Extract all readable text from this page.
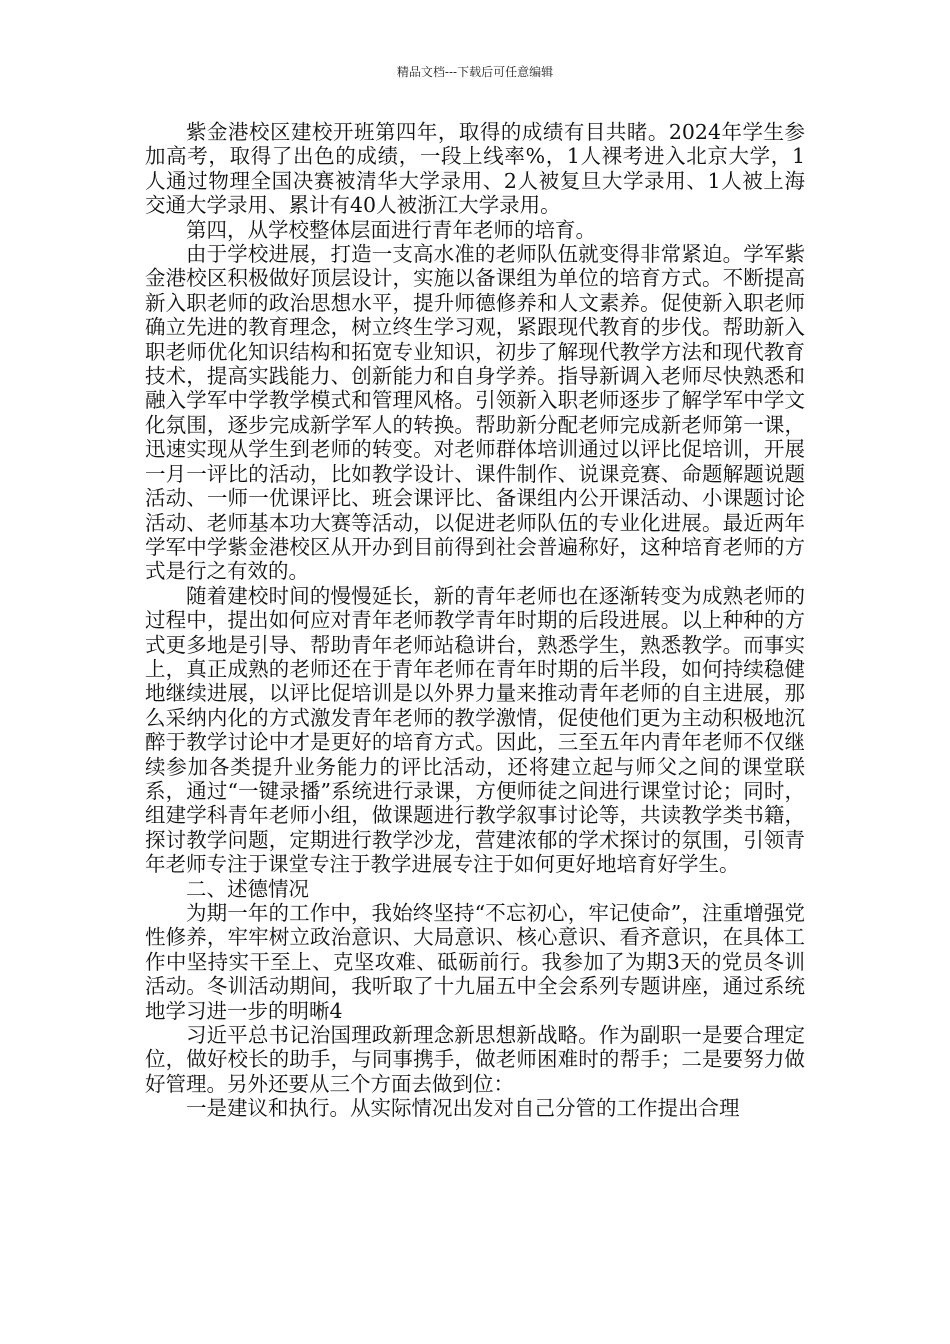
精品文档---下载后可任意编辑

紫金港校区建校开班第四年，取得的成绩有目共睹。2024年学生参加高考，取得了出色的成绩，一段上线率%，1人裸考进入北京大学，1人通过物理全国决赛被清华大学录用、2人被复旦大学录用、1人被上海交通大学录用、累计有40人被浙江大学录用。

第四，从学校整体层面进行青年老师的培育。

由于学校进展，打造一支高水准的老师队伍就变得非常紧迫。学军紫金港校区积极做好顶层设计，实施以备课组为单位的培育方式。不断提高新入职老师的政治思想水平，提升师德修养和人文素养。促使新入职老师确立先进的教育理念，树立终生学习观，紧跟现代教育的步伐。帮助新入职老师优化知识结构和拓宽专业知识，初步了解现代教学方法和现代教育技术，提高实践能力、创新能力和自身学养。指导新调入老师尽快熟悉和融入学军中学教学模式和管理风格。引领新入职老师逐步了解学军中学文化氛围，逐步完成新学军人的转换。帮助新分配老师完成新老师第一课，迅速实现从学生到老师的转变。对老师群体培训通过以评比促培训，开展一月一评比的活动，比如教学设计、课件制作、说课竞赛、命题解题说题活动、一师一优课评比、班会课评比、备课组内公开课活动、小课题讨论活动、老师基本功大赛等活动，以促进老师队伍的专业化进展。最近两年学军中学紫金港校区从开办到目前得到社会普遍称好，这种培育老师的方式是行之有效的。

随着建校时间的慢慢延长，新的青年老师也在逐渐转变为成熟老师的过程中，提出如何应对青年老师教学青年时期的后段进展。以上种种的方式更多地是引导、帮助青年老师站稳讲台，熟悉学生，熟悉教学。而事实上，真正成熟的老师还在于青年老师在青年时期的后半段，如何持续稳健地继续进展，以评比促培训是以外界力量来推动青年老师的自主进展，那么采纳内化的方式激发青年老师的教学激情，促使他们更为主动积极地沉醉于教学讨论中才是更好的培育方式。因此，三至五年内青年老师不仅继续参加各类提升业务能力的评比活动，还将建立起与师父之间的课堂联系，通过“一键录播”系统进行录课，方便师徒之间进行课堂讨论；同时，组建学科青年老师小组，做课题进行教学叙事讨论等，共读教学类书籍，探讨教学问题，定期进行教学沙龙，营建浓郁的学术探讨的氛围，引领青年老师专注于课堂专注于教学进展专注于如何更好地培育好学生。

二、述德情况

为期一年的工作中，我始终坚持“不忘初心，牢记使命”，注重增强党性修养，牢牢树立政治意识、大局意识、核心意识、看齐意识，在具体工作中坚持实干至上、克坚攻难、砥砺前行。我参加了为期3天的党员冬训活动。冬训活动期间，我听取了十九届五中全会系列专题讲座，通过系统地学习进一步的明晰4

习近平总书记治国理政新理念新思想新战略。作为副职一是要合理定位，做好校长的助手，与同事携手，做老师困难时的帮手；二是要努力做好管理。另外还要从三个方面去做到位：

一是建议和执行。从实际情况出发对自己分管的工作提出合理
